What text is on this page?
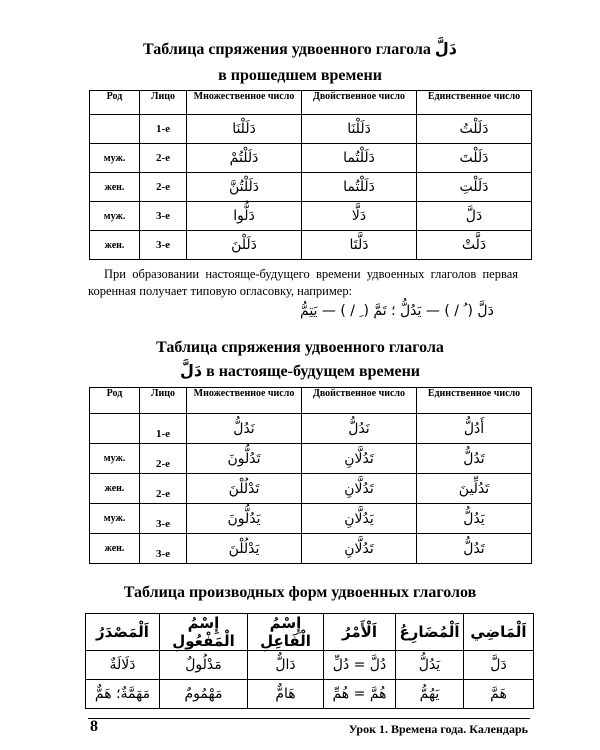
Таблица спряжения удвоенного глагола دَلَّ
в прошедшем времени
Род	Лицо	Множественное число	Двойственное число	Единственное число
	1-е	دَلَلْنَا	دَلَلْنَا	دَلَلْتُ
муж.	2-е	دَلَلْتُمْ	دَلَلْتُما	دَلَلْتَ
жен.	2-е	دَلَلْتُنَّ	دَلَلْتُما	دَلَلْتِ
муж.	3-е	دَلُّوا	دَلَّا	دَلَّ
жен.	3-е	دَلَلْنَ	دَلَّتَا	دَلَّتْ
При образовании настояще-будущего времени удвоенных глаголов первая коренная получает типовую огласовку, например:
دَلَّ ( ُ / ) — يَدُلُّ ؛ تَمَّ ( ِ / ) — يَتِمُّ
Таблица спряжения удвоенного глагола
دَلَّ в настояще-будущем времени
Род	Лицо	Множественное число	Двойственное число	Единственное число
	1-е	نَدُلُّ	نَدُلُّ	أَدُلُّ
муж.	2-е	تَدُلُّونَ	تَدُلَّانِ	تَدُلُّ
жен.	2-е	تَدْلُلْنَ	تَدُلَّانِ	تَدُلِّينَ
муж.	3-е	يَدُلُّونَ	يَدُلَّانِ	يَدُلُّ
жен.	3-е	يَدْلُلْنَ	تَدُلَّانِ	تَدُلُّ
Таблица производных форм удвоенных глаголов
اَلْمَاضِي	اَلْمُضَارِعُ	اَلْأَمْرُ	إِسْمُ الْفَاعِلِ	إِسْمُ الْمَفْعُولِ	اَلْمَصْدَرُ
دَلَّ	يَدُلُّ	دُلَّ = دُلِّ	دَالٌّ	مَدْلُولٌ	دَلَالَةٌ
هَمَّ	يَهُمُّ	هُمَّ = هُمِّ	هَامٌّ	مَهْمُومٌ	مَهَمَّةٌ؛ هَمٌّ
8	Урок 1. Времена года. Календарь
